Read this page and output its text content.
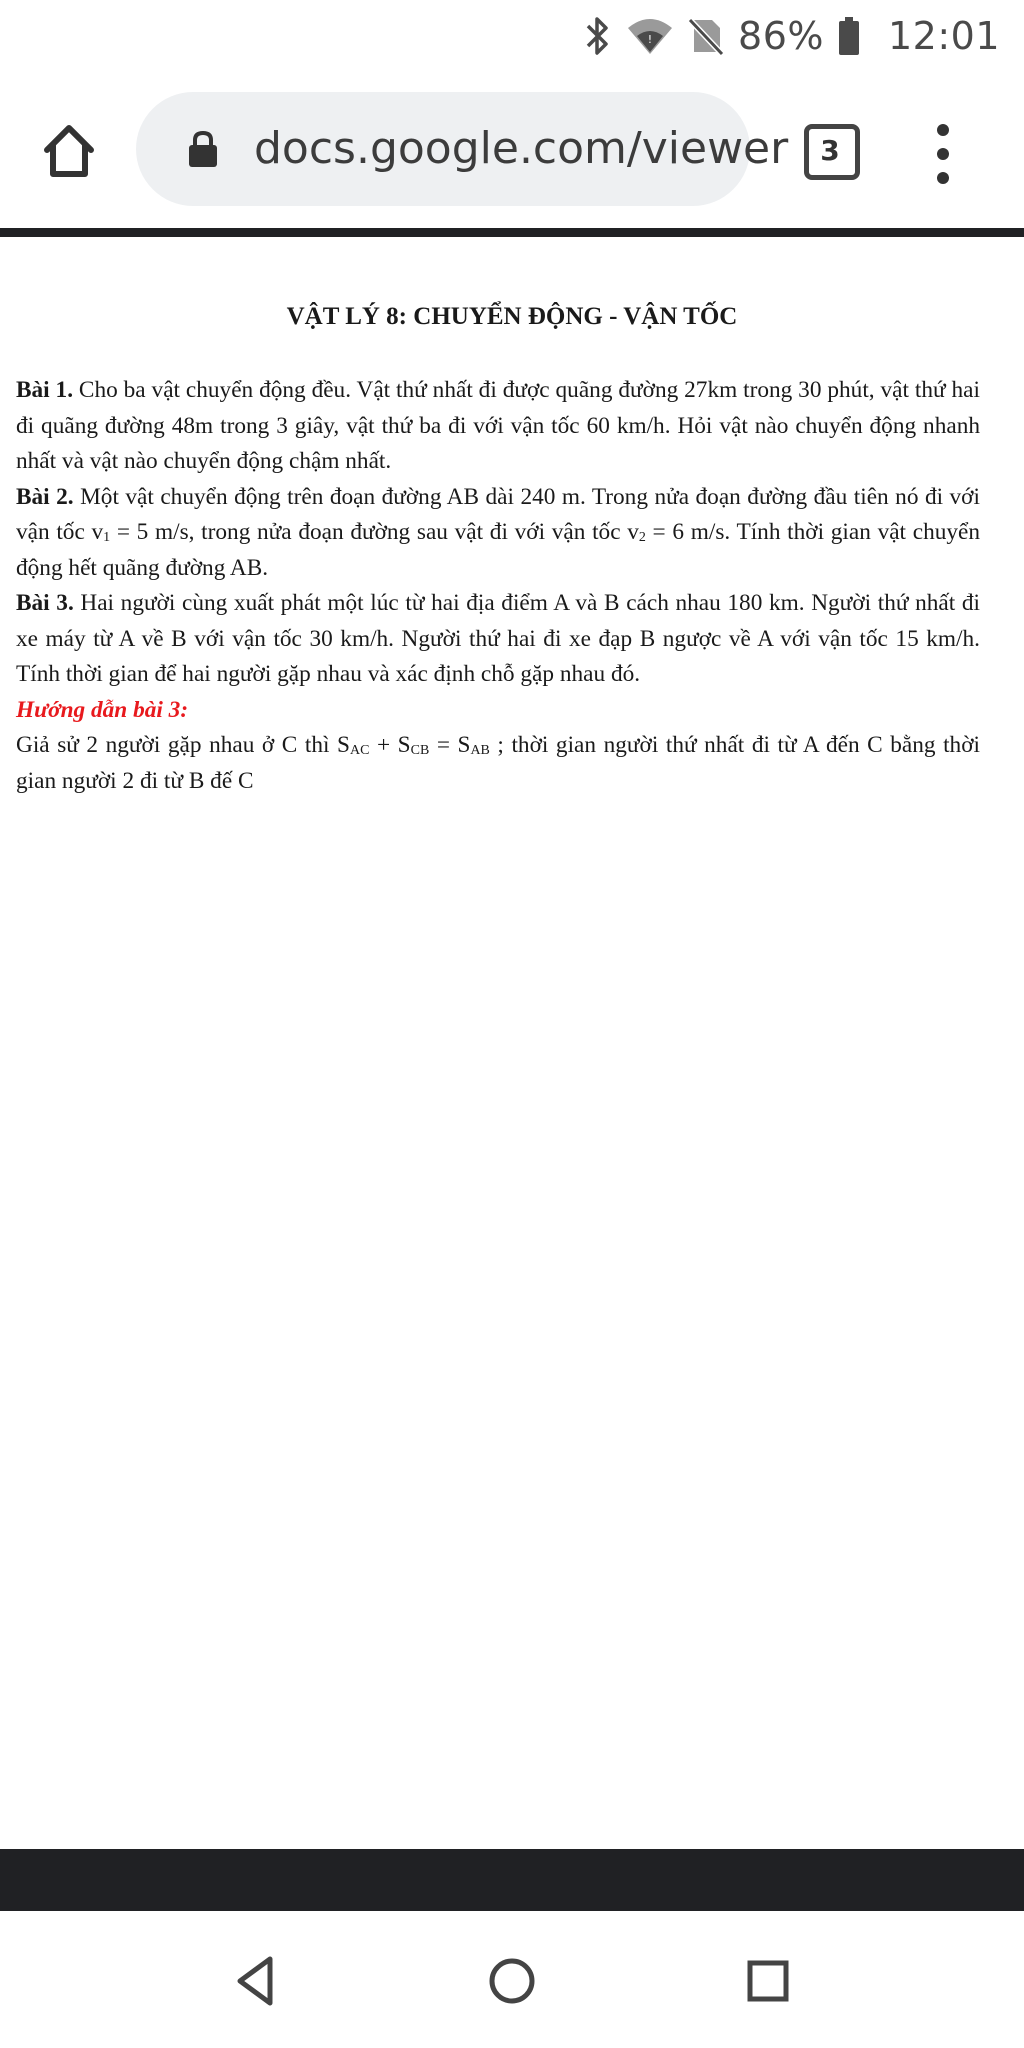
! 86% 12:01
docs.google.com/viewer	3
VẬT LÝ 8: CHUYỂN ĐỘNG - VẬN TỐC

Bài 1. Cho ba vật chuyển động đều. Vật thứ nhất đi được quãng đường 27km trong 30 phút, vật thứ hai đi quãng đường 48m trong 3 giây, vật thứ ba đi với vận tốc 60 km/h. Hỏi vật nào chuyển động nhanh nhất và vật nào chuyển động chậm nhất.

Bài 2. Một vật chuyển động trên đoạn đường AB dài 240 m. Trong nửa đoạn đường đầu tiên nó đi với vận tốc $v_1 = 5$ m/s, trong nửa đoạn đường sau vật đi với vận tốc $v_2 = 6$ m/s. Tính thời gian vật chuyển động hết quãng đường AB.

Bài 3. Hai người cùng xuất phát một lúc từ hai địa điểm A và B cách nhau 180 km. Người thứ nhất đi xe máy từ A về B với vận tốc 30 km/h. Người thứ hai đi xe đạp B ngược về A với vận tốc 15 km/h. Tính thời gian để hai người gặp nhau và xác định chỗ gặp nhau đó.

Hướng dẫn bài 3:

Giả sử 2 người gặp nhau ở C thì $S_{AC} + S_{CB} = S_{AB}$ ; thời gian người thứ nhất đi từ A đến C bằng thời gian người 2 đi từ B đế C
